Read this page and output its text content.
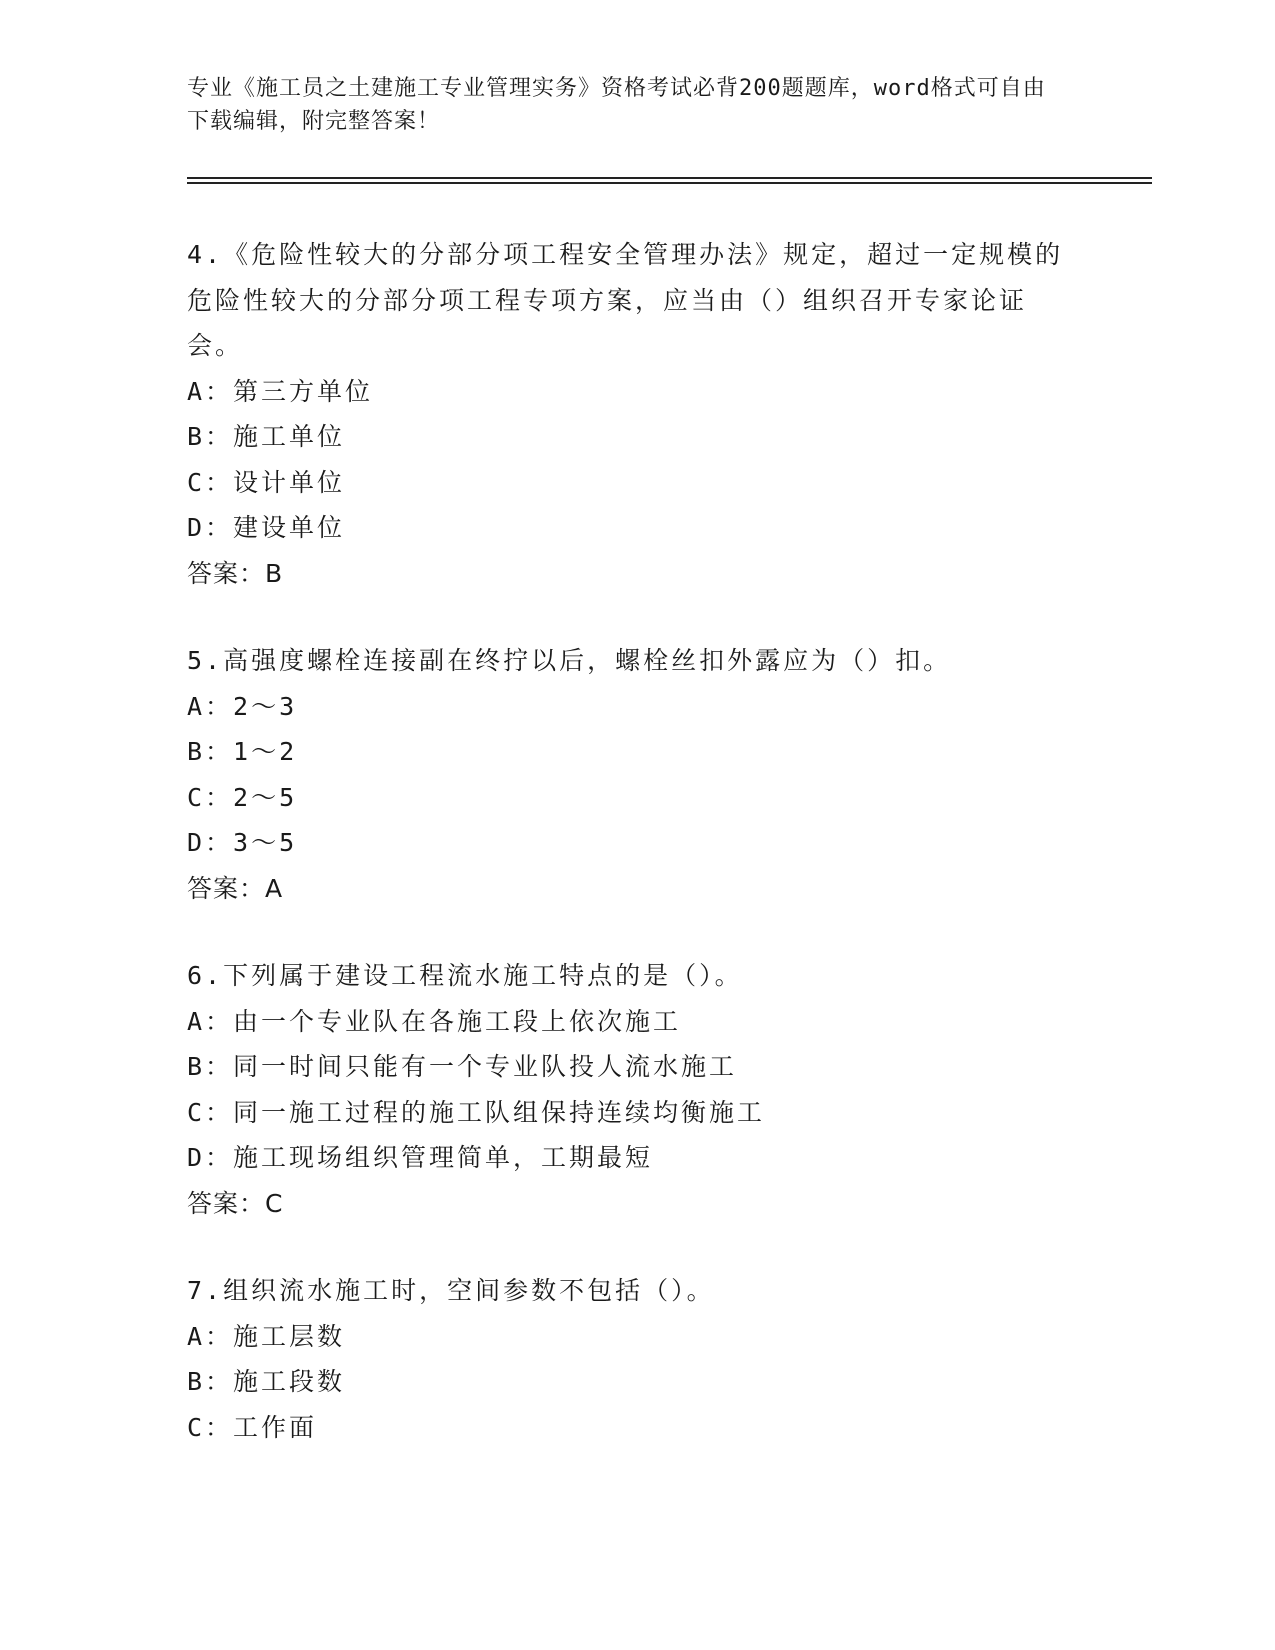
专业《施工员之土建施工专业管理实务》资格考试必背200题题库，word格式可自由下载编辑，附完整答案！

4.《危险性较大的分部分项工程安全管理办法》规定，超过一定规模的危险性较大的分部分项工程专项方案，应当由（）组织召开专家论证会。

A：第三方单位

B：施工单位

C：设计单位

D：建设单位

答案：B

5.高强度螺栓连接副在终拧以后，螺栓丝扣外露应为（）扣。

A：2～3

B：1～2

C：2～5

D：3～5

答案：A

6.下列属于建设工程流水施工特点的是（）。

A：由一个专业队在各施工段上依次施工

B：同一时间只能有一个专业队投人流水施工

C：同一施工过程的施工队组保持连续均衡施工

D：施工现场组织管理简单，工期最短

答案：C

7.组织流水施工时，空间参数不包括（）。

A：施工层数

B：施工段数

C：工作面
